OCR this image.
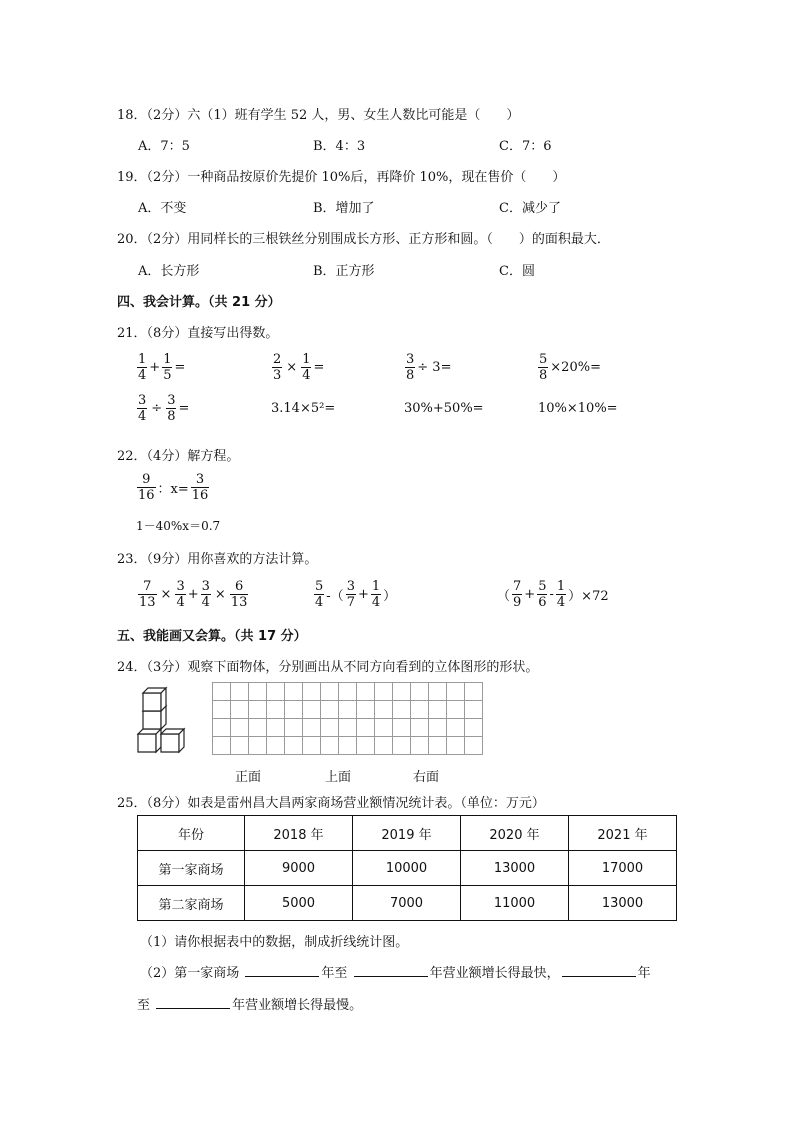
18．（2分）六（1）班有学生 52 人，男、女生人数比可能是（　　）
A．7：5	B．4：3	C．7：6
19．（2分）一种商品按原价先提价 10%后，再降价 10%，现在售价（　　）
A．不变	B．增加了	C．减少了
20．（2分）用同样长的三根铁丝分别围成长方形、正方形和圆。（　　）的面积最大．
A．长方形	B．正方形	C．圆
四、我会计算。（共 21 分）
21．（8分）直接写出得数。
$\frac{1}{4} + \frac{1}{5}$ =	$\frac{2}{3} \times \frac{1}{4}$ =	$\frac{3}{8} \div 3=$	$\frac{5}{8} \times 20\%=$
$\frac{3}{4} \div \frac{3}{8}$ =	3.14×5²=	30%+50%=	10%×10%=
22．（4分）解方程。
$\frac{9}{16}$ ：$x= \frac{3}{16}$
1－40%x＝0.7
23．（9分）用你喜欢的方法计算。
$\frac{7}{13} \times \frac{3}{4} + \frac{3}{4} \times \frac{6}{13}$	$\frac{5}{4}$ -（ $\frac{3}{7} + \frac{1}{4}$ ）	（ $\frac{7}{9} + \frac{5}{6} - \frac{1}{4} )\times 72$
五、我能画又会算。（共 17 分）
24．（3分）观察下面物体，分别画出从不同方向看到的立体图形的形状。
正面	上面	右面
25．（8分）如表是雷州昌大昌两家商场营业额情况统计表。（单位：万元）
年份	2018 年	2019 年	2020 年	2021 年
第一家商场	9000	10000	13000	17000
第二家商场	5000	7000	11000	13000
（1）请你根据表中的数据，制成折线统计图。
（2）第一家商场	年至	年营业额增长得最快，	年
至	年营业额增长得最慢。
